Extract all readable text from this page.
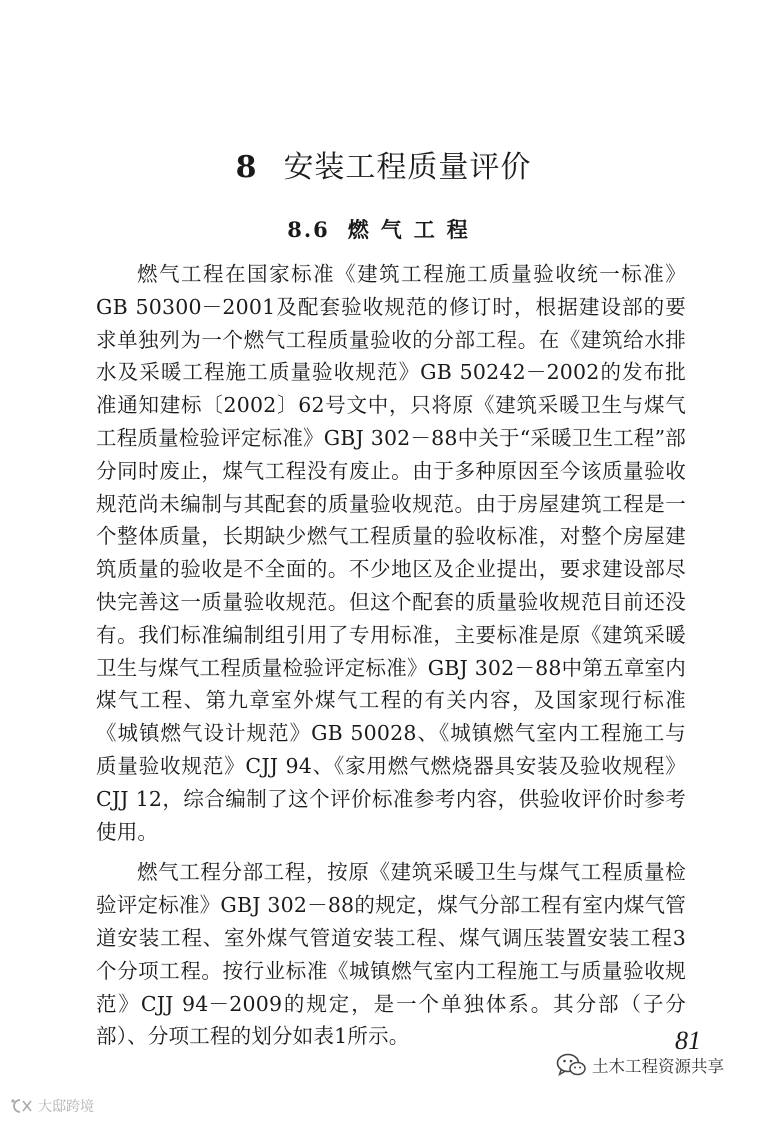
8 安装工程质量评价
8.6 燃气工程

燃气工程在国家标准《建筑工程施工质量验收统一标准》GB 50300－2001及配套验收规范的修订时，根据建设部的要求单独列为一个燃气工程质量验收的分部工程。在《建筑给水排水及采暖工程施工质量验收规范》GB 50242－2002的发布批准通知建标〔2002〕62号文中，只将原《建筑采暖卫生与煤气工程质量检验评定标准》GBJ 302－88中关于“采暖卫生工程”部分同时废止，煤气工程没有废止。由于多种原因至今该质量验收规范尚未编制与其配套的质量验收规范。由于房屋建筑工程是一个整体质量，长期缺少燃气工程质量的验收标准，对整个房屋建筑质量的验收是不全面的。不少地区及企业提出，要求建设部尽快完善这一质量验收规范。但这个配套的质量验收规范目前还没有。我们标准编制组引用了专用标准，主要标准是原《建筑采暖卫生与煤气工程质量检验评定标准》GBJ 302－88中第五章室内煤气工程、第九章室外煤气工程的有关内容，及国家现行标准《城镇燃气设计规范》GB 50028、《城镇燃气室内工程施工与质量验收规范》CJJ 94、《家用燃气燃烧器具安装及验收规程》CJJ 12，综合编制了这个评价标准参考内容，供验收评价时参考使用。

燃气工程分部工程，按原《建筑采暖卫生与煤气工程质量检验评定标准》GBJ 302－88的规定，煤气分部工程有室内煤气管道安装工程、室外煤气管道安装工程、煤气调压装置安装工程3个分项工程。按行业标准《城镇燃气室内工程施工与质量验收规范》CJJ 94－2009的规定，是一个单独体系。其分部（子分部）、分项工程的划分如表1所示。	81
土木工程资源共享
大邸跨境
